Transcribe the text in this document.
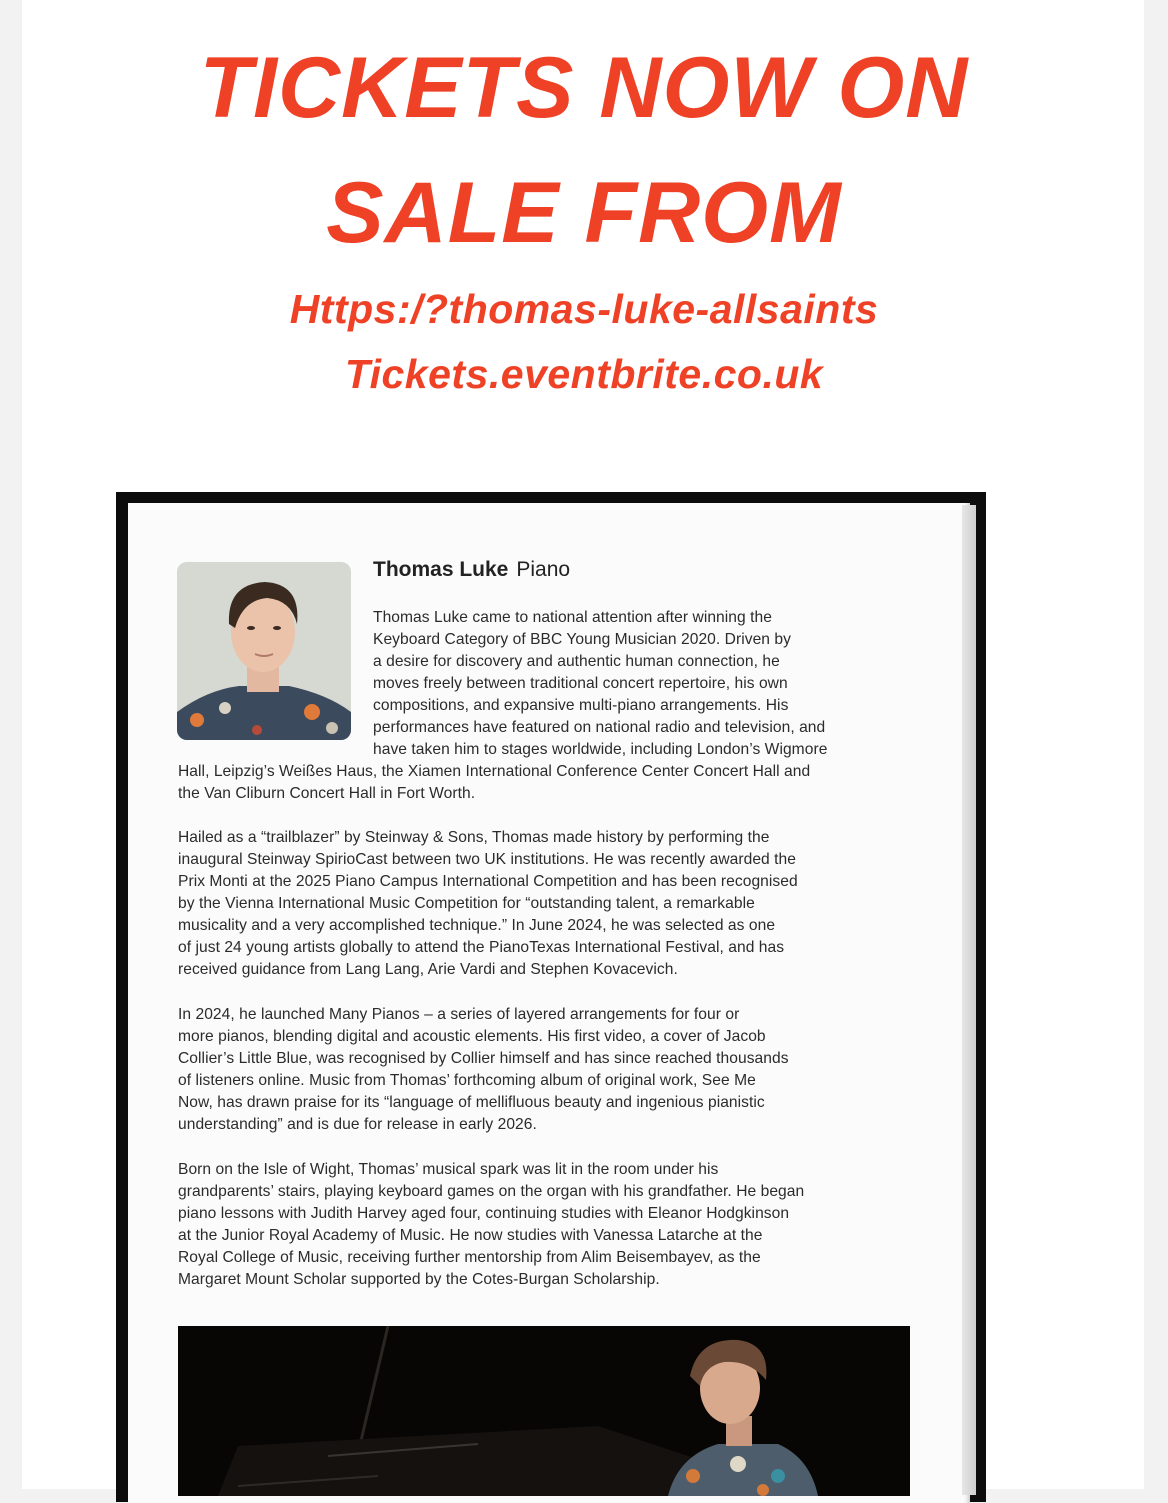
TICKETS NOW ON
SALE FROM

Https:/?thomas-luke-allsaints

Tickets.eventbrite.co.uk

Thomas Luke Piano

Thomas Luke came to national attention after winning the

Keyboard Category of BBC Young Musician 2020. Driven by

a desire for discovery and authentic human connection, he

moves freely between traditional concert repertoire, his own

compositions, and expansive multi-piano arrangements. His

performances have featured on national radio and television, and

have taken him to stages worldwide, including London’s Wigmore

Hall, Leipzig’s Weißes Haus, the Xiamen International Conference Center Concert Hall and

the Van Cliburn Concert Hall in Fort Worth.

Hailed as a “trailblazer” by Steinway & Sons, Thomas made history by performing the

inaugural Steinway SpirioCast between two UK institutions. He was recently awarded the

Prix Monti at the 2025 Piano Campus International Competition and has been recognised

by the Vienna International Music Competition for “outstanding talent, a remarkable

musicality and a very accomplished technique.” In June 2024, he was selected as one

of just 24 young artists globally to attend the PianoTexas International Festival, and has

received guidance from Lang Lang, Arie Vardi and Stephen Kovacevich.

In 2024, he launched Many Pianos – a series of layered arrangements for four or

more pianos, blending digital and acoustic elements. His first video, a cover of Jacob

Collier’s Little Blue, was recognised by Collier himself and has since reached thousands

of listeners online. Music from Thomas’ forthcoming album of original work, See Me

Now, has drawn praise for its “language of mellifluous beauty and ingenious pianistic

understanding” and is due for release in early 2026.

Born on the Isle of Wight, Thomas’ musical spark was lit in the room under his

grandparents’ stairs, playing keyboard games on the organ with his grandfather. He began

piano lessons with Judith Harvey aged four, continuing studies with Eleanor Hodgkinson

at the Junior Royal Academy of Music. He now studies with Vanessa Latarche at the

Royal College of Music, receiving further mentorship from Alim Beisembayev, as the

Margaret Mount Scholar supported by the Cotes-Burgan Scholarship.
